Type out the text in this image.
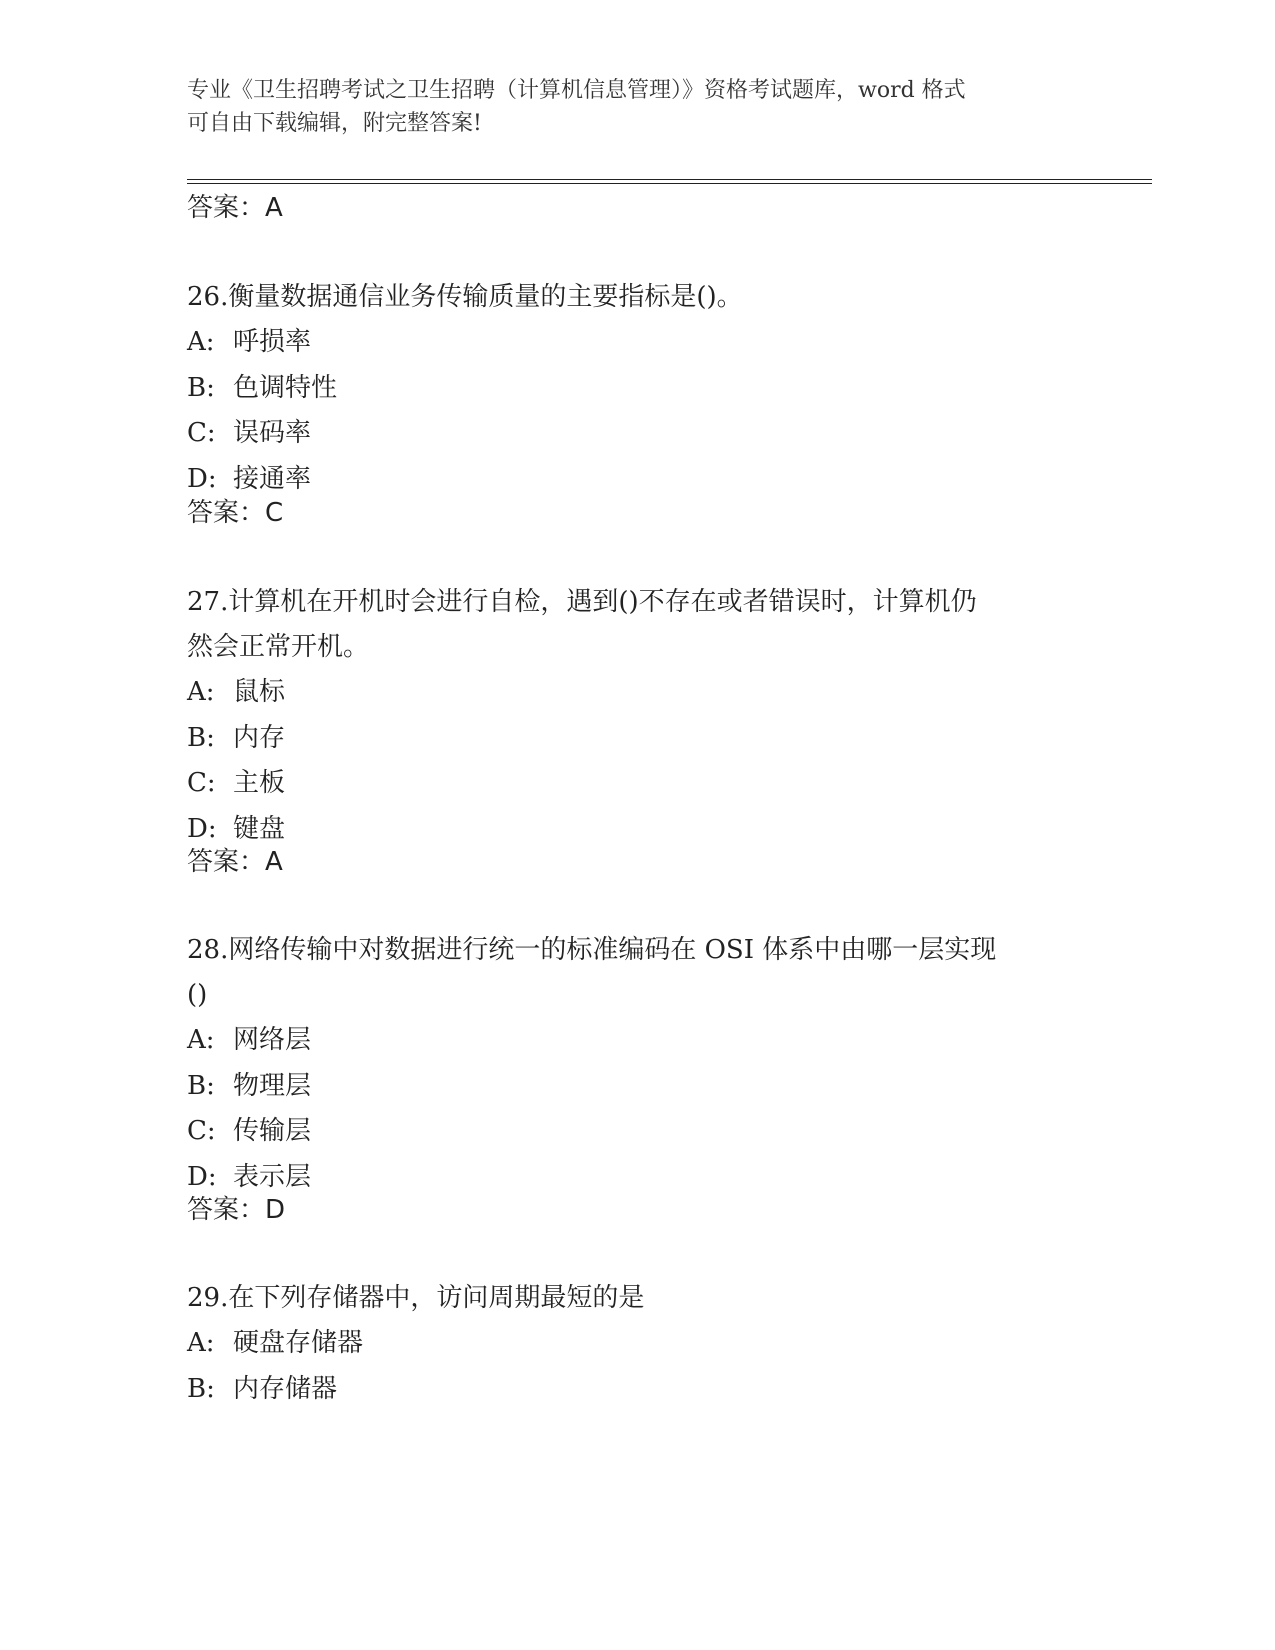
专业《卫生招聘考试之卫生招聘（计算机信息管理）》资格考试题库，word 格式
可自由下载编辑，附完整答案!
答案：A
26.衡量数据通信业务传输质量的主要指标是()。
A: 呼损率
B: 色调特性
C: 误码率
D: 接通率
答案：C
27.计算机在开机时会进行自检，遇到()不存在或者错误时，计算机仍
然会正常开机。
A: 鼠标
B: 内存
C: 主板
D: 键盘
答案：A
28.网络传输中对数据进行统一的标准编码在 OSI 体系中由哪一层实现
()
A: 网络层
B: 物理层
C: 传输层
D: 表示层
答案：D
29.在下列存储器中，访问周期最短的是
A: 硬盘存储器
B: 内存储器
